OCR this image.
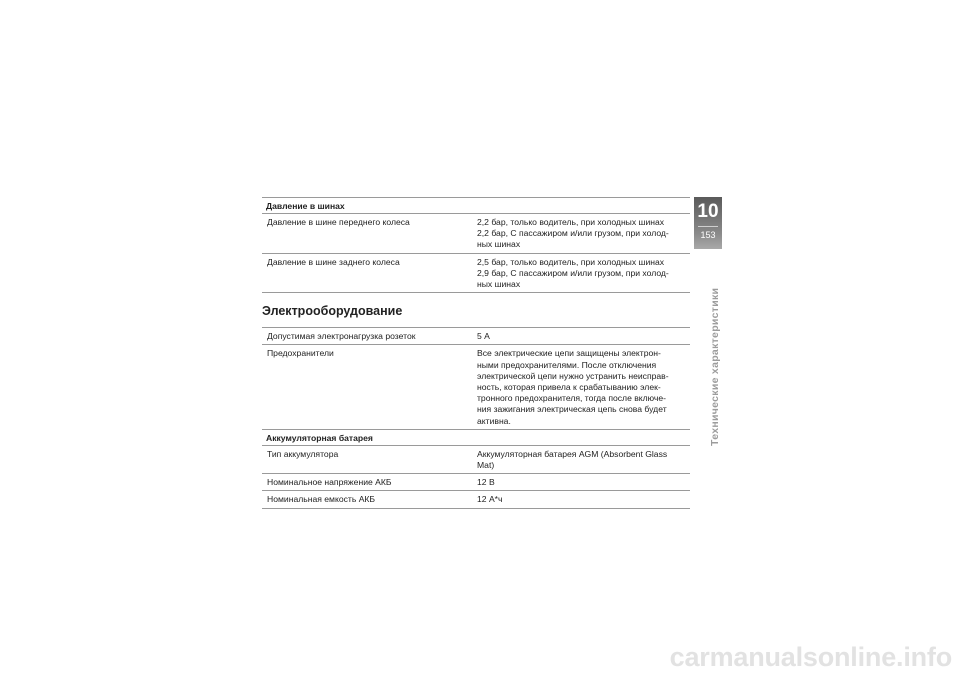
Давление в шинах
Давление в шине переднего колеса	2,2 бар, только водитель, при холодных шинах
2,2 бар, С пассажиром и/или грузом, при холод-
ных шинах
Давление в шине заднего колеса	2,5 бар, только водитель, при холодных шинах
2,9 бар, С пассажиром и/или грузом, при холод-
ных шинах
Электрооборудование
Допустимая электронагрузка розеток	5 А
Предохранители	Все электрические цепи защищены электрон-
ными предохранителями. После отключения
электрической цепи нужно устранить неисправ-
ность, которая привела к срабатыванию элек-
тронного предохранителя, тогда после включе-
ния зажигания электрическая цепь снова будет
активна.
Аккумуляторная батарея
Тип аккумулятора	Аккумуляторная батарея AGM (Absorbent Glass
Mat)
Номинальное напряжение АКБ	12 В
Номинальная емкость АКБ	12 А*ч
10
153
Технические характеристики
carmanualsonline.info
